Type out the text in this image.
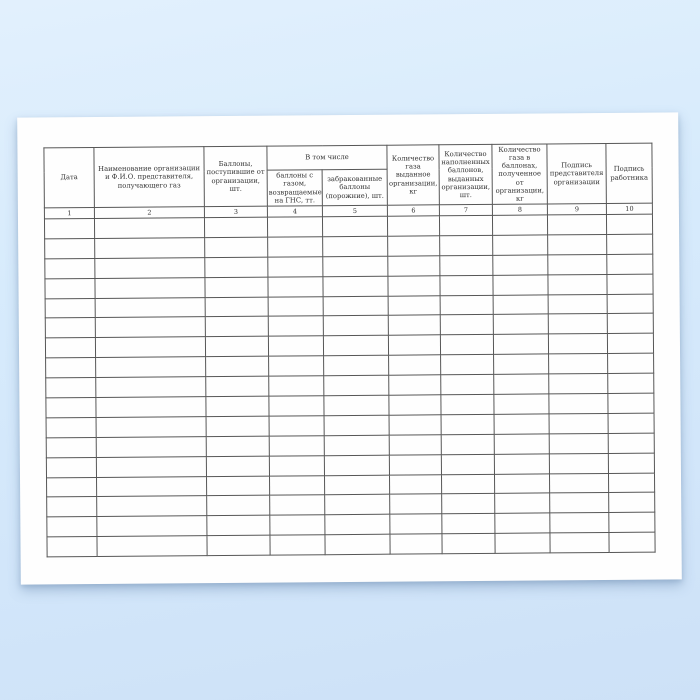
Дата	Наименование организации и Ф.И.О. представителя, получающего газ	Баллоны, поступившие от организации, шт.	В том числе		Количество газа выданное организации, кг	Количество наполненных баллонов, выданных организации, шт.	Количество газа в баллонах, полученное от организации, кг	Подпись представителя организации	Подпись работника
			баллоны с газом, возвращаемые на ГНС, тт.	забракованные баллоны (порожние), шт.					
1	2	3	4	5	6	7	8	9	10
